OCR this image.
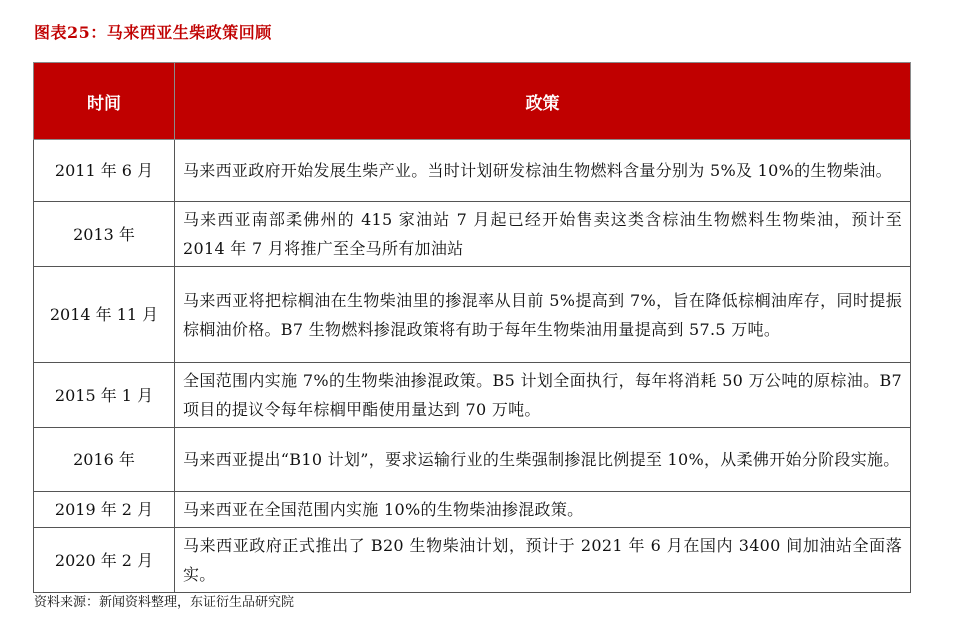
图表25：马来西亚生柴政策回顾
时间	政策
2011 年 6 月	马来西亚政府开始发展生柴产业。当时计划研发棕油生物燃料含量分别为 5%及 10%的生物柴油。
2013 年	马来西亚南部柔佛州的 415 家油站 7 月起已经开始售卖这类含棕油生物燃料生物柴油，预计至 2014 年 7 月将推广至全马所有加油站
2014 年 11 月	马来西亚将把棕榈油在生物柴油里的掺混率从目前 5%提高到 7%，旨在降低棕榈油库存，同时提振棕榈油价格。B7 生物燃料掺混政策将有助于每年生物柴油用量提高到 57.5 万吨。
2015 年 1 月	全国范围内实施 7%的生物柴油掺混政策。B5 计划全面执行，每年将消耗 50 万公吨的原棕油。B7 项目的提议令每年棕榈甲酯使用量达到 70 万吨。
2016 年	马来西亚提出“B10 计划”，要求运输行业的生柴强制掺混比例提至 10%，从柔佛开始分阶段实施。
2019 年 2 月	马来西亚在全国范围内实施 10%的生物柴油掺混政策。
2020 年 2 月	马来西亚政府正式推出了 B20 生物柴油计划，预计于 2021 年 6 月在国内 3400 间加油站全面落实。
资料来源：新闻资料整理，东证衍生品研究院
